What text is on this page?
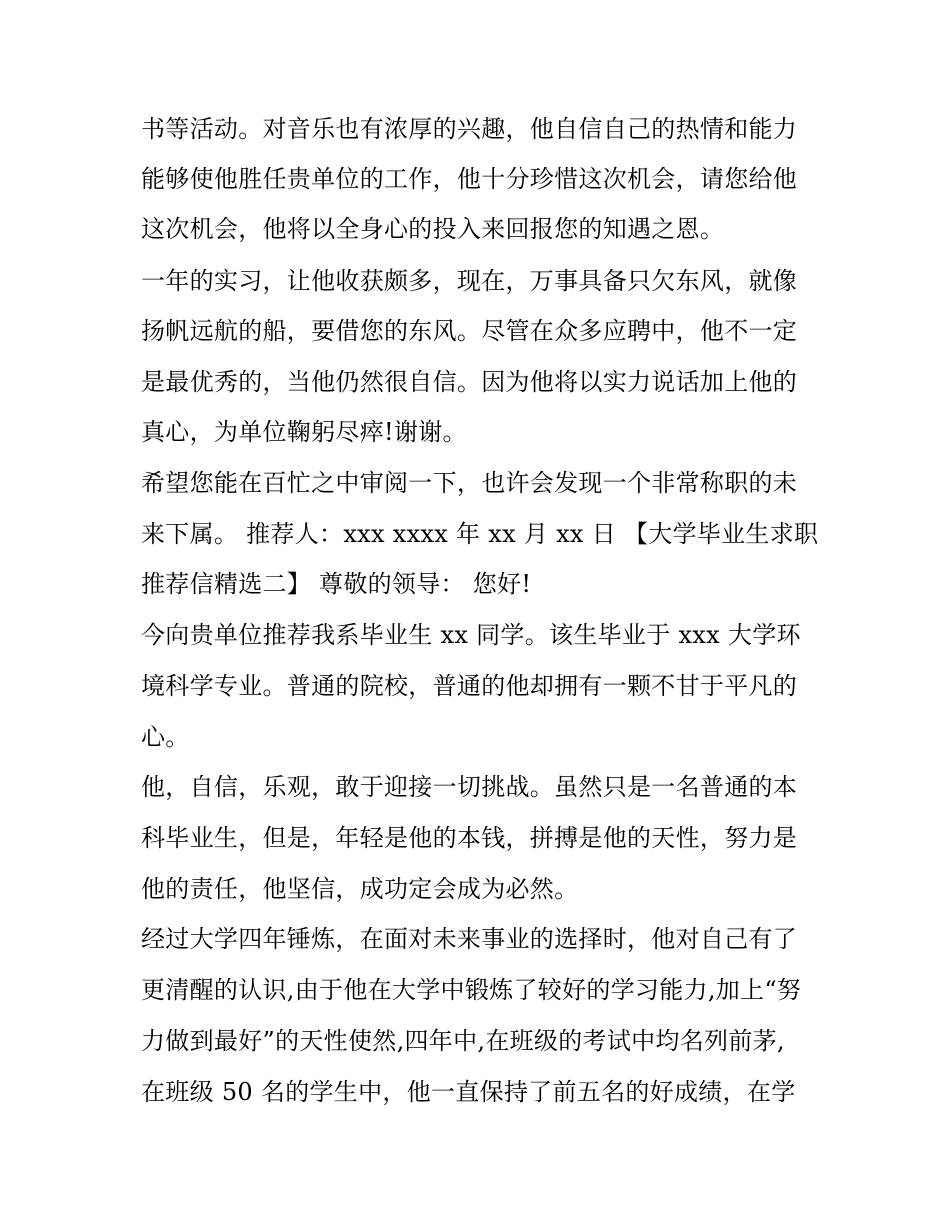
书等活动。对音乐也有浓厚的兴趣，他自信自己的热情和能力
能够使他胜任贵单位的工作，他十分珍惜这次机会，请您给他
这次机会，他将以全身心的投入来回报您的知遇之恩。
一年的实习，让他收获颇多，现在，万事具备只欠东风，就像
扬帆远航的船，要借您的东风。尽管在众多应聘中，他不一定
是最优秀的，当他仍然很自信。因为他将以实力说话加上他的
真心，为单位鞠躬尽瘁!谢谢。
希望您能在百忙之中审阅一下，也许会发现一个非常称职的未
来下属。 推荐人：xxx xxxx 年 xx 月 xx 日 【大学毕业生求职
推荐信精选二】 尊敬的领导： 您好!
今向贵单位推荐我系毕业生 xx 同学。该生毕业于 xxx 大学环
境科学专业。普通的院校，普通的他却拥有一颗不甘于平凡的
心。
他，自信，乐观，敢于迎接一切挑战。虽然只是一名普通的本
科毕业生，但是，年轻是他的本钱，拼搏是他的天性，努力是
他的责任，他坚信，成功定会成为必然。
经过大学四年锤炼，在面对未来事业的选择时，他对自己有了
更清醒的认识,由于他在大学中锻炼了较好的学习能力,加上“努
力做到最好”的天性使然,四年中,在班级的考试中均名列前茅,
在班级 50 名的学生中，他一直保持了前五名的好成绩，在学
